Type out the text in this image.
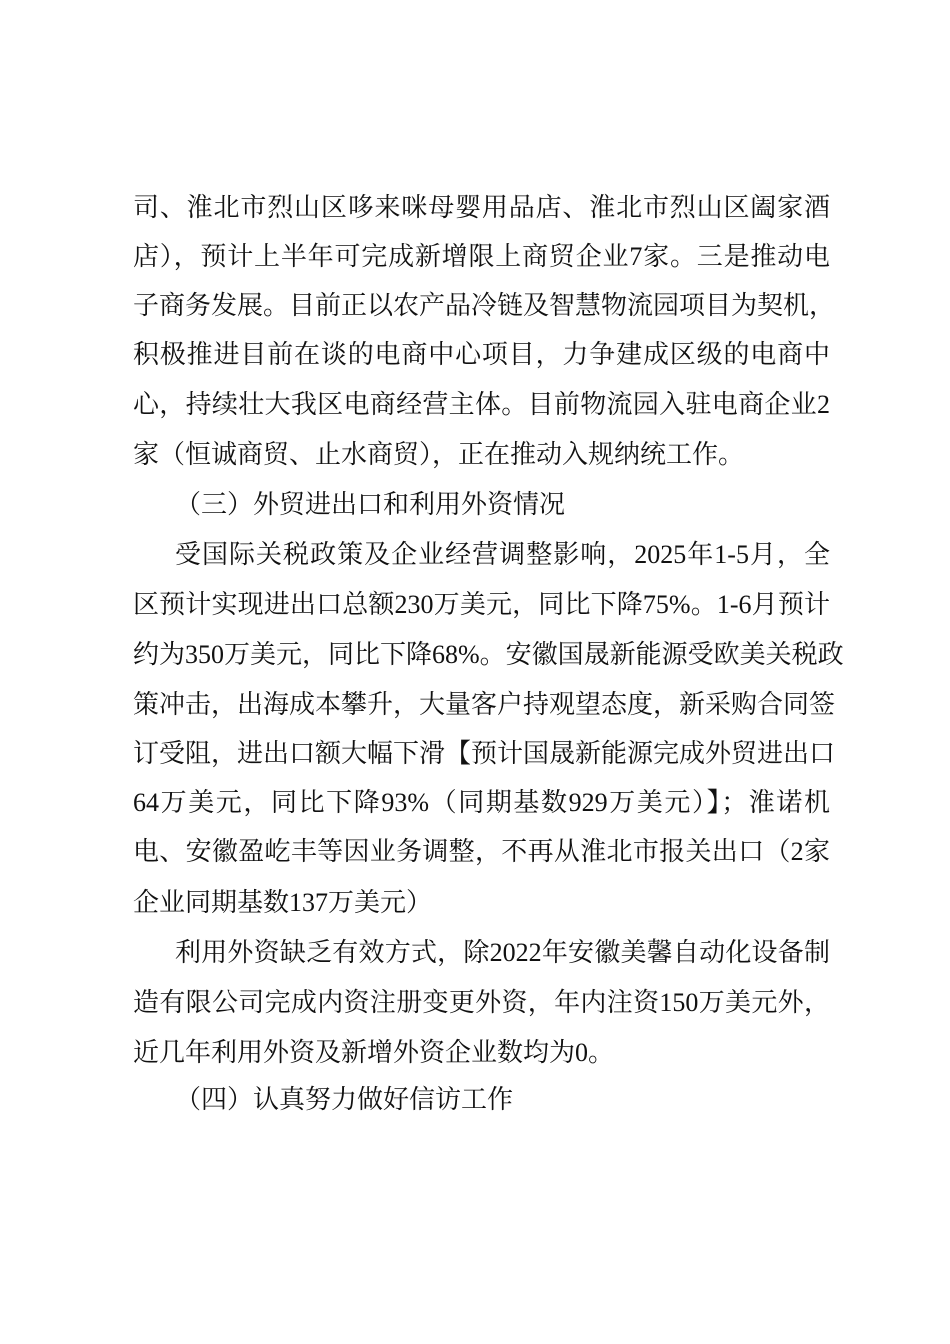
司、淮北市烈山区哆来咪母婴用品店、淮北市烈山区阖家酒
店），预计上半年可完成新增限上商贸企业7家。三是推动电
子商务发展。目前正以农产品冷链及智慧物流园项目为契机，
积极推进目前在谈的电商中心项目，力争建成区级的电商中
心，持续壮大我区电商经营主体。目前物流园入驻电商企业2
家（恒诚商贸、止水商贸），正在推动入规纳统工作。
（三）外贸进出口和利用外资情况
受国际关税政策及企业经营调整影响，2025年1-5月，全
区预计实现进出口总额230万美元，同比下降75%。1-6月预计
约为350万美元，同比下降68%。安徽国晟新能源受欧美关税政
策冲击，出海成本攀升，大量客户持观望态度，新采购合同签
订受阻，进出口额大幅下滑【预计国晟新能源完成外贸进出口
64万美元，同比下降93%（同期基数929万美元）】；淮诺机
电、安徽盈屹丰等因业务调整，不再从淮北市报关出口（2家
企业同期基数137万美元）
利用外资缺乏有效方式，除2022年安徽美馨自动化设备制
造有限公司完成内资注册变更外资，年内注资150万美元外，
近几年利用外资及新增外资企业数均为0。
（四）认真努力做好信访工作
